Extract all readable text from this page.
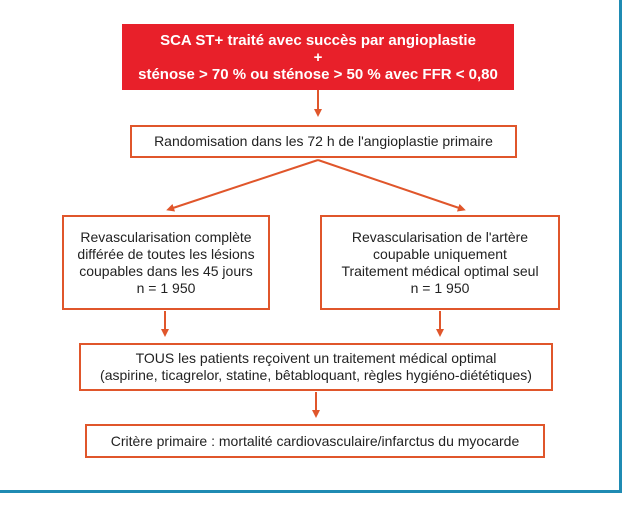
SCA ST+ traité avec succès par angioplastie
+
sténose > 70 % ou sténose > 50 % avec FFR < 0,80
Randomisation dans les 72 h de l'angioplastie primaire
Revascularisation complète
différée de toutes les lésions
coupables dans les 45 jours
n = 1 950
Revascularisation de l'artère
coupable uniquement
Traitement médical optimal seul
n = 1 950
TOUS les patients reçoivent un traitement médical optimal
(aspirine, ticagrelor, statine, bêtabloquant, règles hygiéno-diététiques)
Critère primaire : mortalité cardiovasculaire/infarctus du myocarde
